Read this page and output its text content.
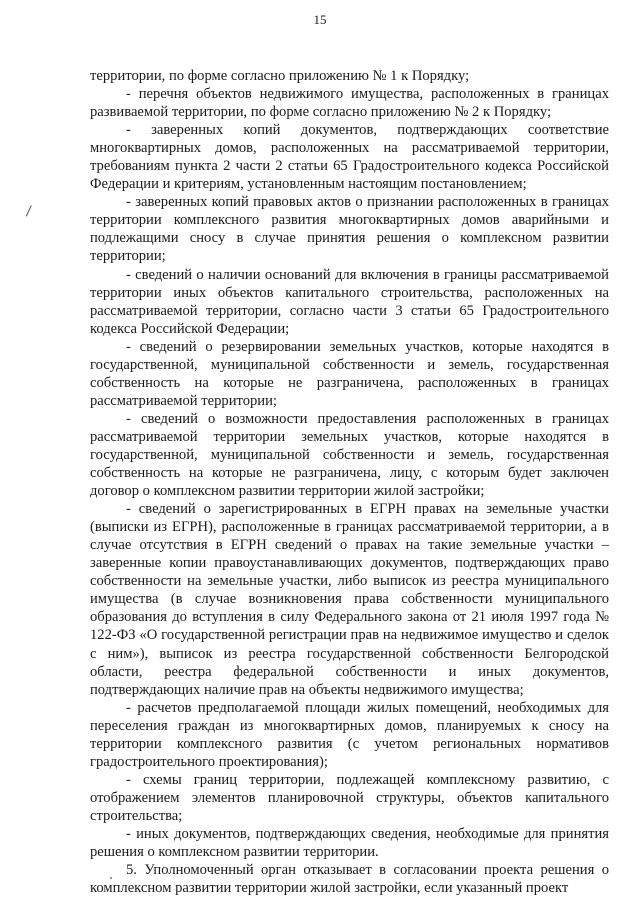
15

территории, по форме согласно приложению № 1 к Порядку;

- перечня объектов недвижимого имущества, расположенных в границах развиваемой территории, по форме согласно приложению № 2 к Порядку;

- заверенных копий документов, подтверждающих соответствие многоквартирных домов, расположенных на рассматриваемой территории, требованиям пункта 2 части 2 статьи 65 Градостроительного кодекса Российской Федерации и критериям, установленным настоящим постановлением;

- заверенных копий правовых актов о признании расположенных в границах территории комплексного развития многоквартирных домов аварийными и подлежащими сносу в случае принятия решения о комплексном развитии территории;

- сведений о наличии оснований для включения в границы рассматриваемой территории иных объектов капитального строительства, расположенных на рассматриваемой территории, согласно части 3 статьи 65 Градостроительного кодекса Российской Федерации;

- сведений о резервировании земельных участков, которые находятся в государственной, муниципальной собственности и земель, государственная собственность на которые не разграничена, расположенных в границах рассматриваемой территории;

- сведений о возможности предоставления расположенных в границах рассматриваемой территории земельных участков, которые находятся в государственной, муниципальной собственности и земель, государственная собственность на которые не разграничена, лицу, с которым будет заключен договор о комплексном развитии территории жилой застройки;

- сведений о зарегистрированных в ЕГРН правах на земельные участки (выписки из ЕГРН), расположенные в границах рассматриваемой территории, а в случае отсутствия в ЕГРН сведений о правах на такие земельные участки – заверенные копии правоустанавливающих документов, подтверждающих право собственности на земельные участки, либо выписок из реестра муниципального имущества (в случае возникновения права собственности муниципального образования до вступления в силу Федерального закона от 21 июля 1997 года № 122-ФЗ «О государственной регистрации прав на недвижимое имущество и сделок с ним»), выписок из реестра государственной собственности Белгородской области, реестра федеральной собственности и иных документов, подтверждающих наличие прав на объекты недвижимого имущества;

- расчетов предполагаемой площади жилых помещений, необходимых для переселения граждан из многоквартирных домов, планируемых к сносу на территории комплексного развития (с учетом региональных нормативов градостроительного проектирования);

- схемы границ территории, подлежащей комплексному развитию, с отображением элементов планировочной структуры, объектов капитального строительства;

- иных документов, подтверждающих сведения, необходимые для принятия решения о комплексном развитии территории.

5. Уполномоченный орган отказывает в согласовании проекта решения о комплексном развитии территории жилой застройки, если указанный проект
